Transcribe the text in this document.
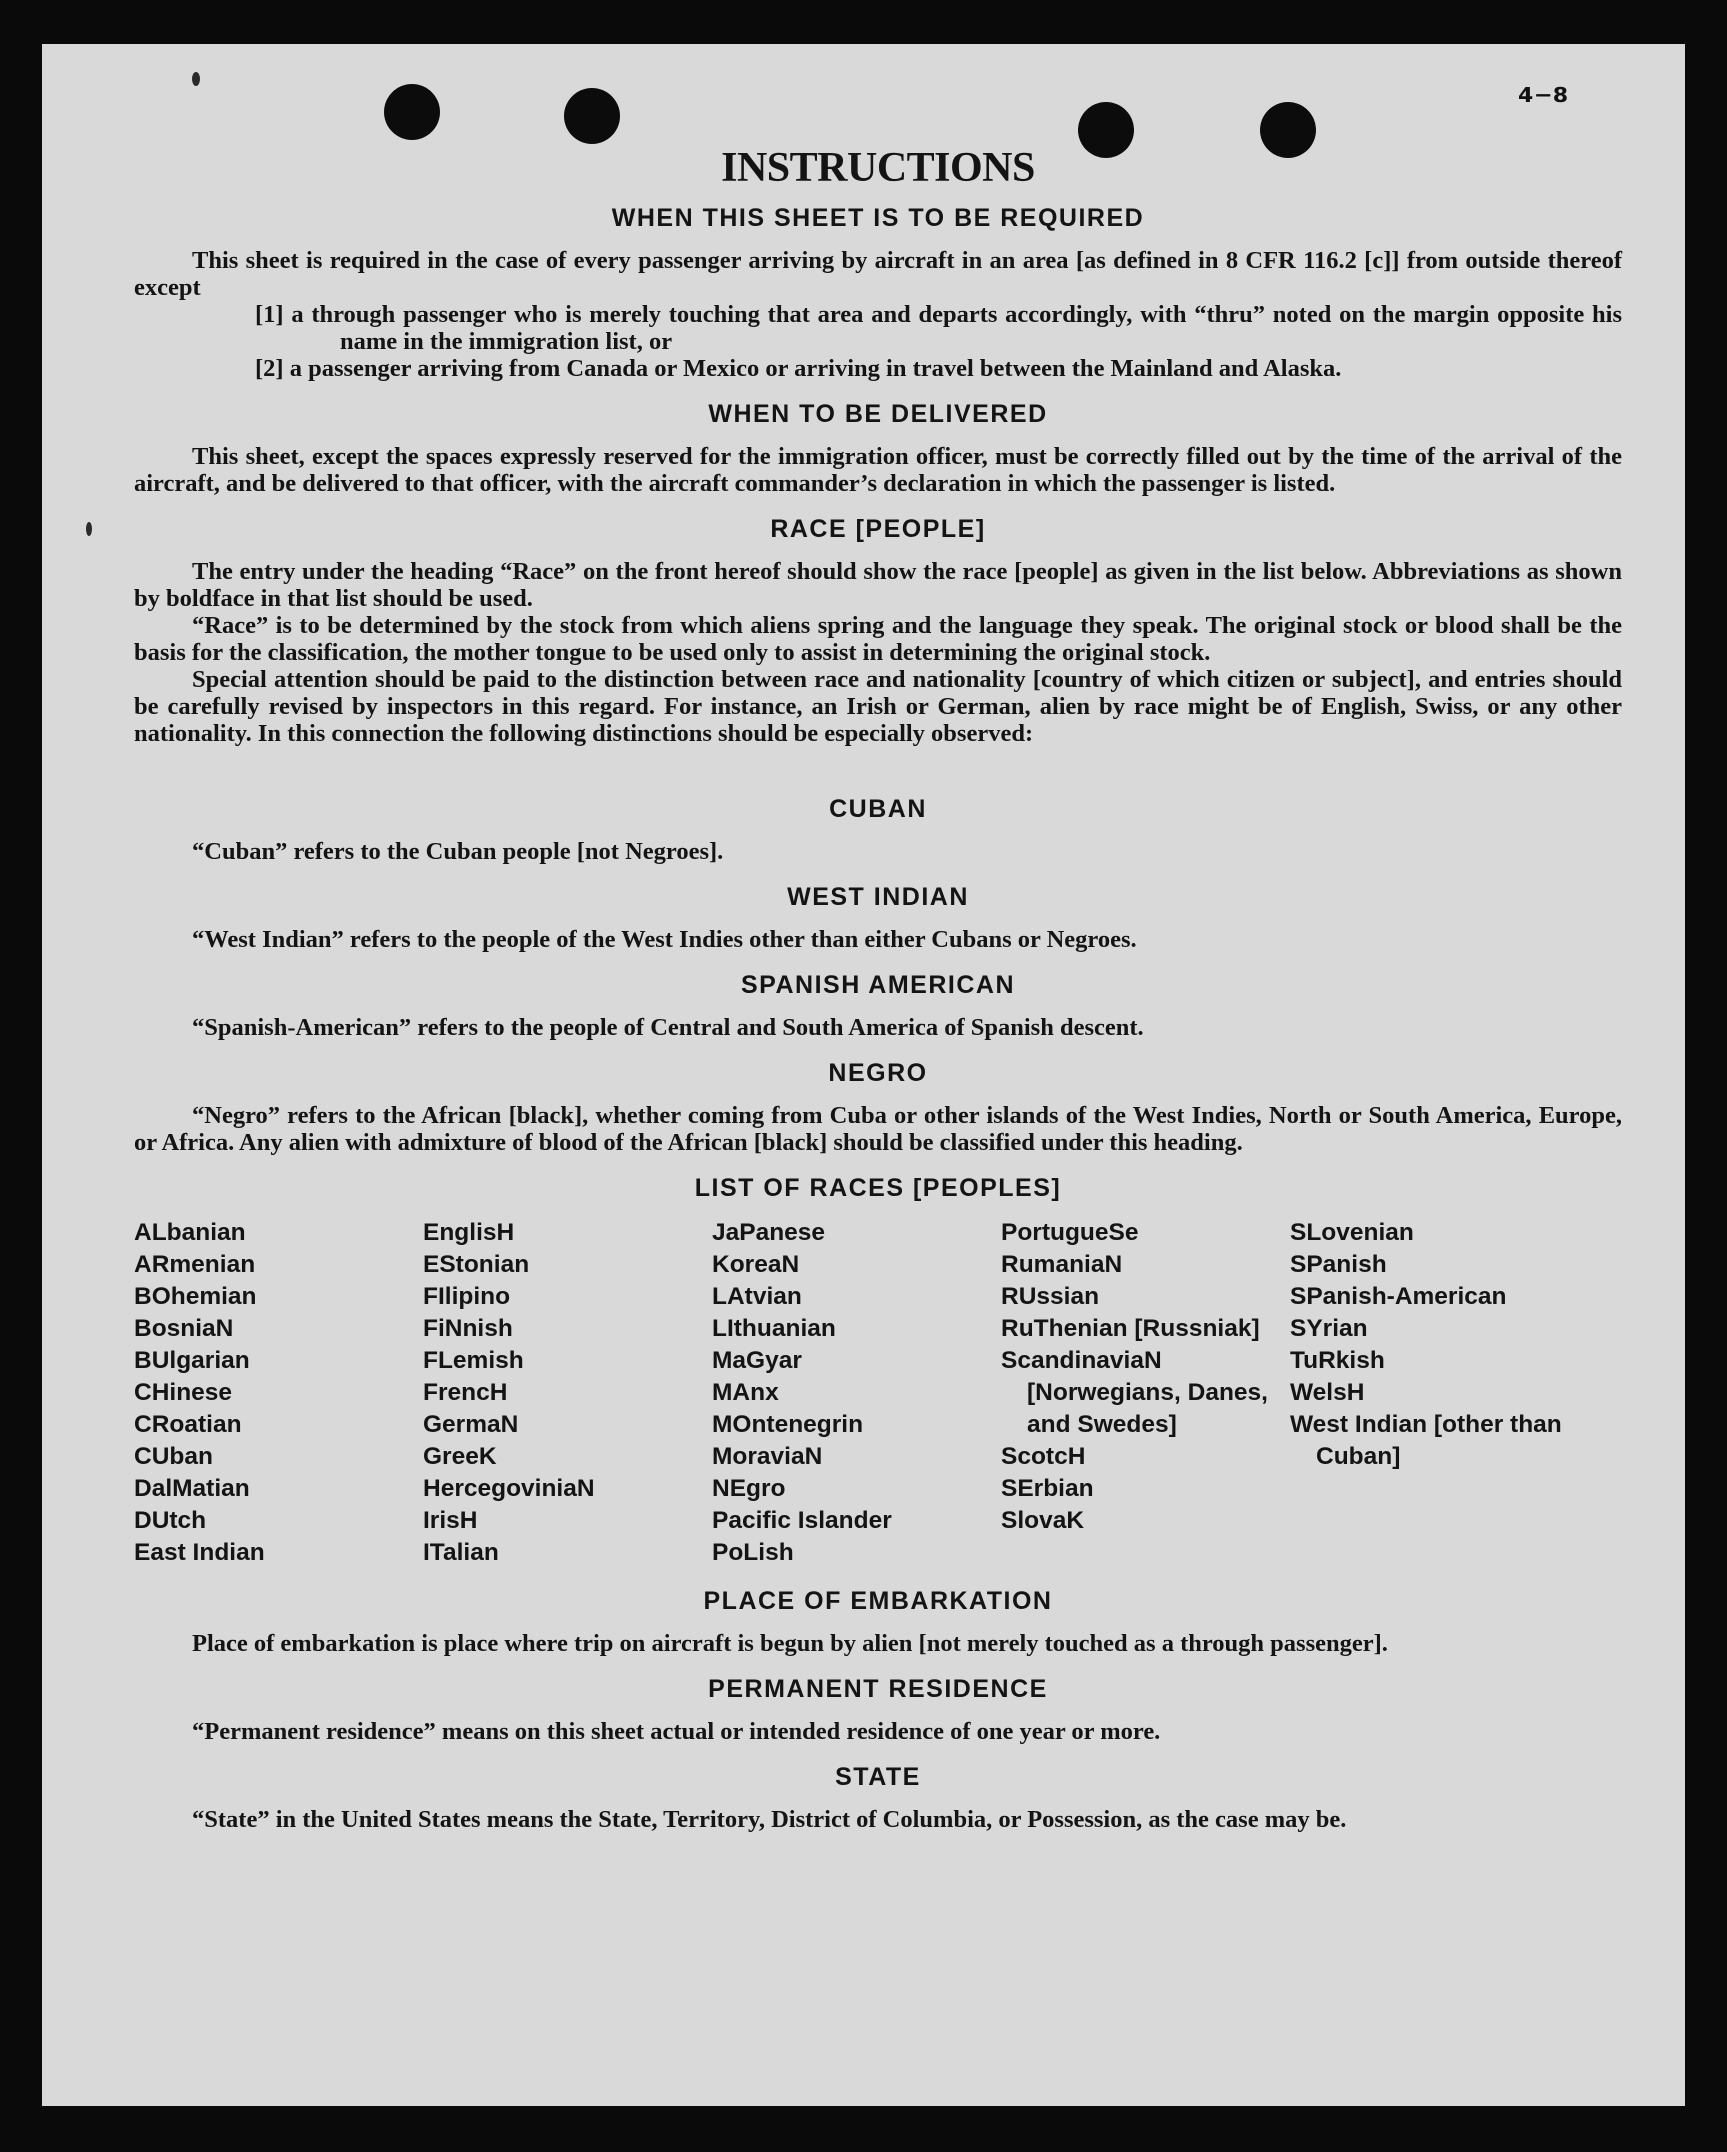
₄₋₈
INSTRUCTIONS
WHEN THIS SHEET IS TO BE REQUIRED

This sheet is required in the case of every passenger arriving by aircraft in an area [as defined in 8 CFR 116.2 [c]] from outside thereof except

[1] a through passenger who is merely touching that area and departs accordingly, with “thru” noted on the margin opposite his name in the immigration list, or

[2] a passenger arriving from Canada or Mexico or arriving in travel between the Mainland and Alaska.

WHEN TO BE DELIVERED

This sheet, except the spaces expressly reserved for the immigration officer, must be correctly filled out by the time of the arrival of the aircraft, and be delivered to that officer, with the aircraft commander’s declaration in which the passenger is listed.

RACE [PEOPLE]

The entry under the heading “Race” on the front hereof should show the race [people] as given in the list below. Abbreviations as shown by boldface in that list should be used.

“Race” is to be determined by the stock from which aliens spring and the language they speak. The original stock or blood shall be the basis for the classification, the mother tongue to be used only to assist in determining the original stock.

Special attention should be paid to the distinction between race and nationality [country of which citizen or subject], and entries should be carefully revised by inspectors in this regard. For instance, an Irish or German, alien by race might be of English, Swiss, or any other nationality. In this connection the following distinctions should be especially observed:

CUBAN

“Cuban” refers to the Cuban people [not Negroes].

WEST INDIAN

“West Indian” refers to the people of the West Indies other than either Cubans or Negroes.

SPANISH AMERICAN

“Spanish-American” refers to the people of Central and South America of Spanish descent.

NEGRO

“Negro” refers to the African [black], whether coming from Cuba or other islands of the West Indies, North or South America, Europe, or Africa. Any alien with admixture of blood of the African [black] should be classified under this heading.

LIST OF RACES [PEOPLES]
ALbanian
ARmenian
BOhemian
BosniaN
BUlgarian
CHinese
CRoatian
CUban
DalMatian
DUtch
East Indian
EnglisH
EStonian
FIlipino
FiNnish
FLemish
FrencH
GermaN
GreeK
HercegoviniaN
IrisH
ITalian
JaPanese
KoreaN
LAtvian
LIthuanian
MaGyar
MAnx
MOntenegrin
MoraviaN
NEgro
Pacific Islander
PoLish
PortugueSe
RumaniaN
RUssian
RuThenian [Russniak]
ScandinaviaN [Norwegians, Danes, and Swedes]
ScotcH
SErbian
SlovaK
SLovenian
SPanish
SPanish-American
SYrian
TuRkish
WelsH
West Indian [other than Cuban]
PLACE OF EMBARKATION

Place of embarkation is place where trip on aircraft is begun by alien [not merely touched as a through passenger].

PERMANENT RESIDENCE

“Permanent residence” means on this sheet actual or intended residence of one year or more.

STATE

“State” in the United States means the State, Territory, District of Columbia, or Possession, as the case may be.
